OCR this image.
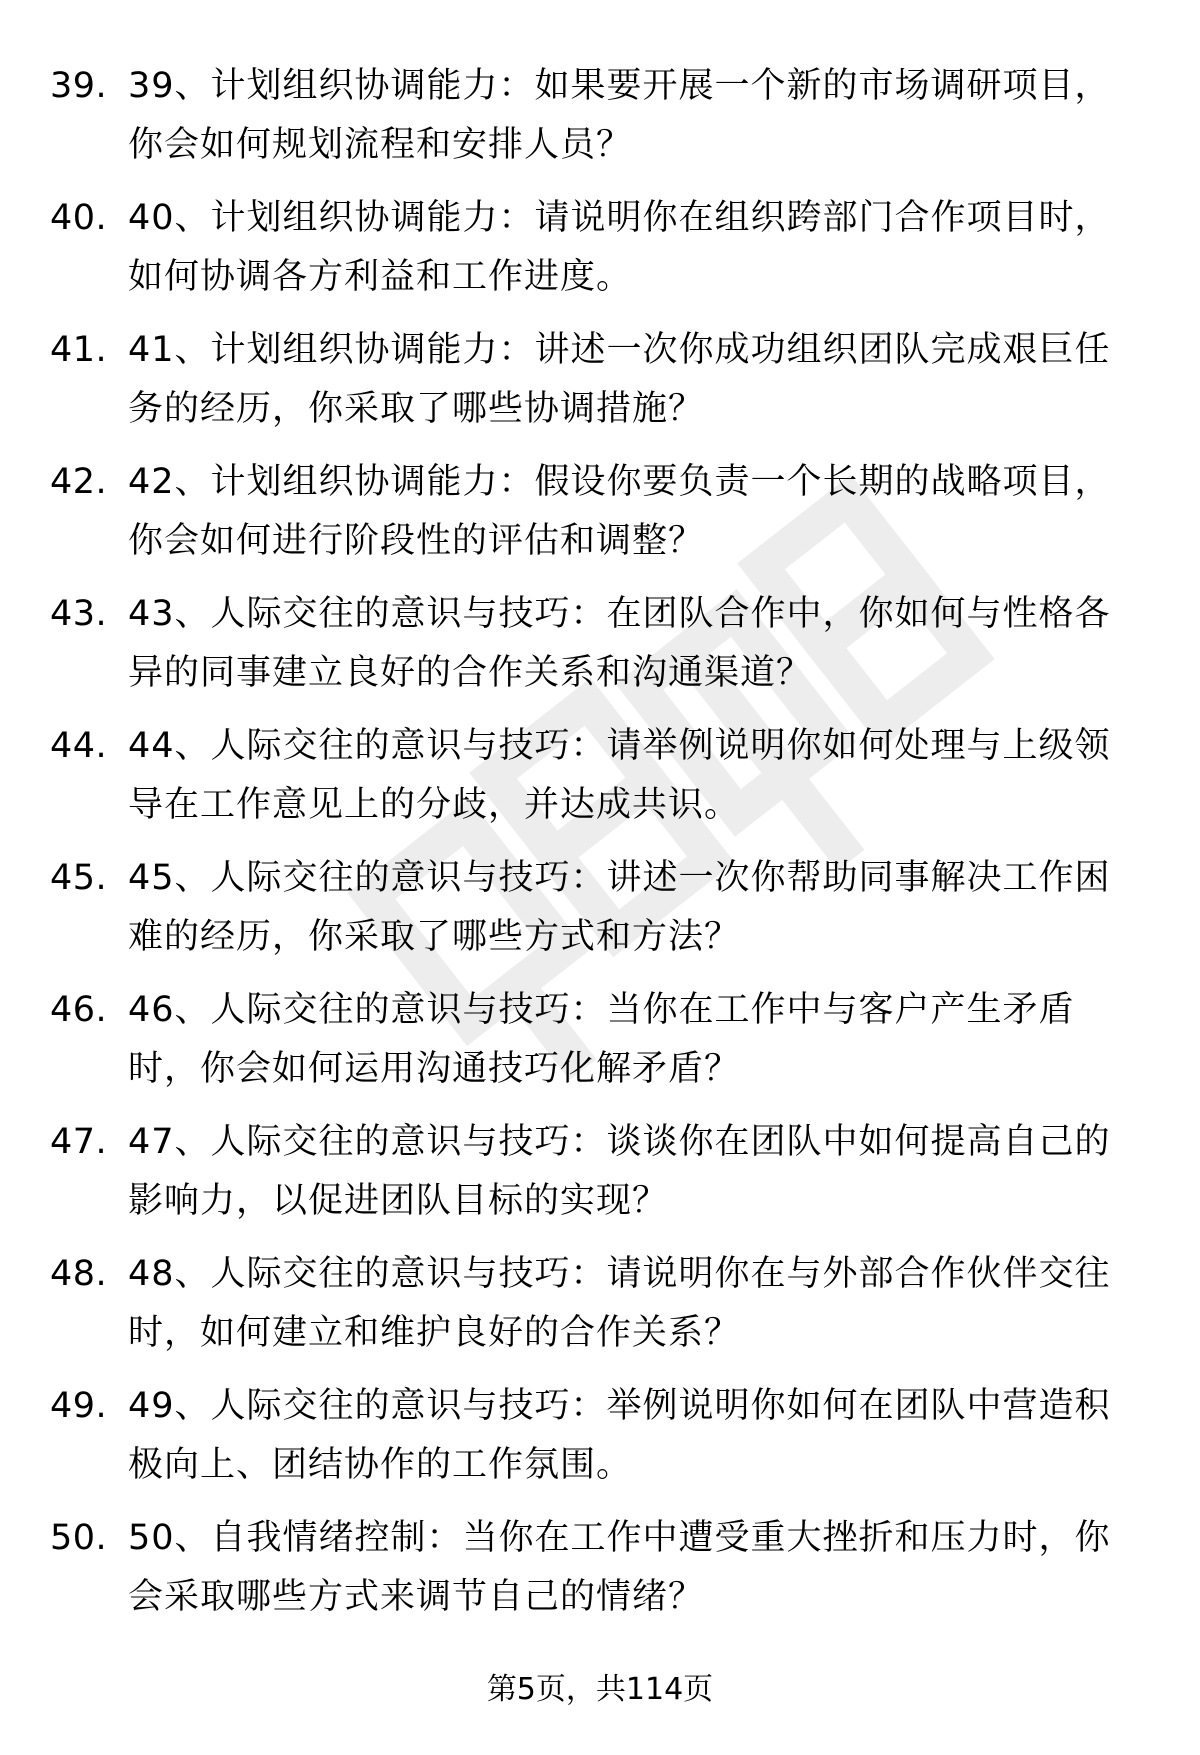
39. 39、计划组织协调能力：如果要开展一个新的市场调研项目，你会如何规划流程和安排人员？
40. 40、计划组织协调能力：请说明你在组织跨部门合作项目时，如何协调各方利益和工作进度。
41. 41、计划组织协调能力：讲述一次你成功组织团队完成艰巨任务的经历，你采取了哪些协调措施？
42. 42、计划组织协调能力：假设你要负责一个长期的战略项目，你会如何进行阶段性的评估和调整？
43. 43、人际交往的意识与技巧：在团队合作中，你如何与性格各异的同事建立良好的合作关系和沟通渠道？
44. 44、人际交往的意识与技巧：请举例说明你如何处理与上级领导在工作意见上的分歧，并达成共识。
45. 45、人际交往的意识与技巧：讲述一次你帮助同事解决工作困难的经历，你采取了哪些方式和方法？
46. 46、人际交往的意识与技巧：当你在工作中与客户产生矛盾时，你会如何运用沟通技巧化解矛盾？
47. 47、人际交往的意识与技巧：谈谈你在团队中如何提高自己的影响力，以促进团队目标的实现？
48. 48、人际交往的意识与技巧：请说明你在与外部合作伙伴交往时，如何建立和维护良好的合作关系？
49. 49、人际交往的意识与技巧：举例说明你如何在团队中营造积极向上、团结协作的工作氛围。
50. 50、自我情绪控制：当你在工作中遭受重大挫折和压力时，你会采取哪些方式来调节自己的情绪？
第5页，共114页
